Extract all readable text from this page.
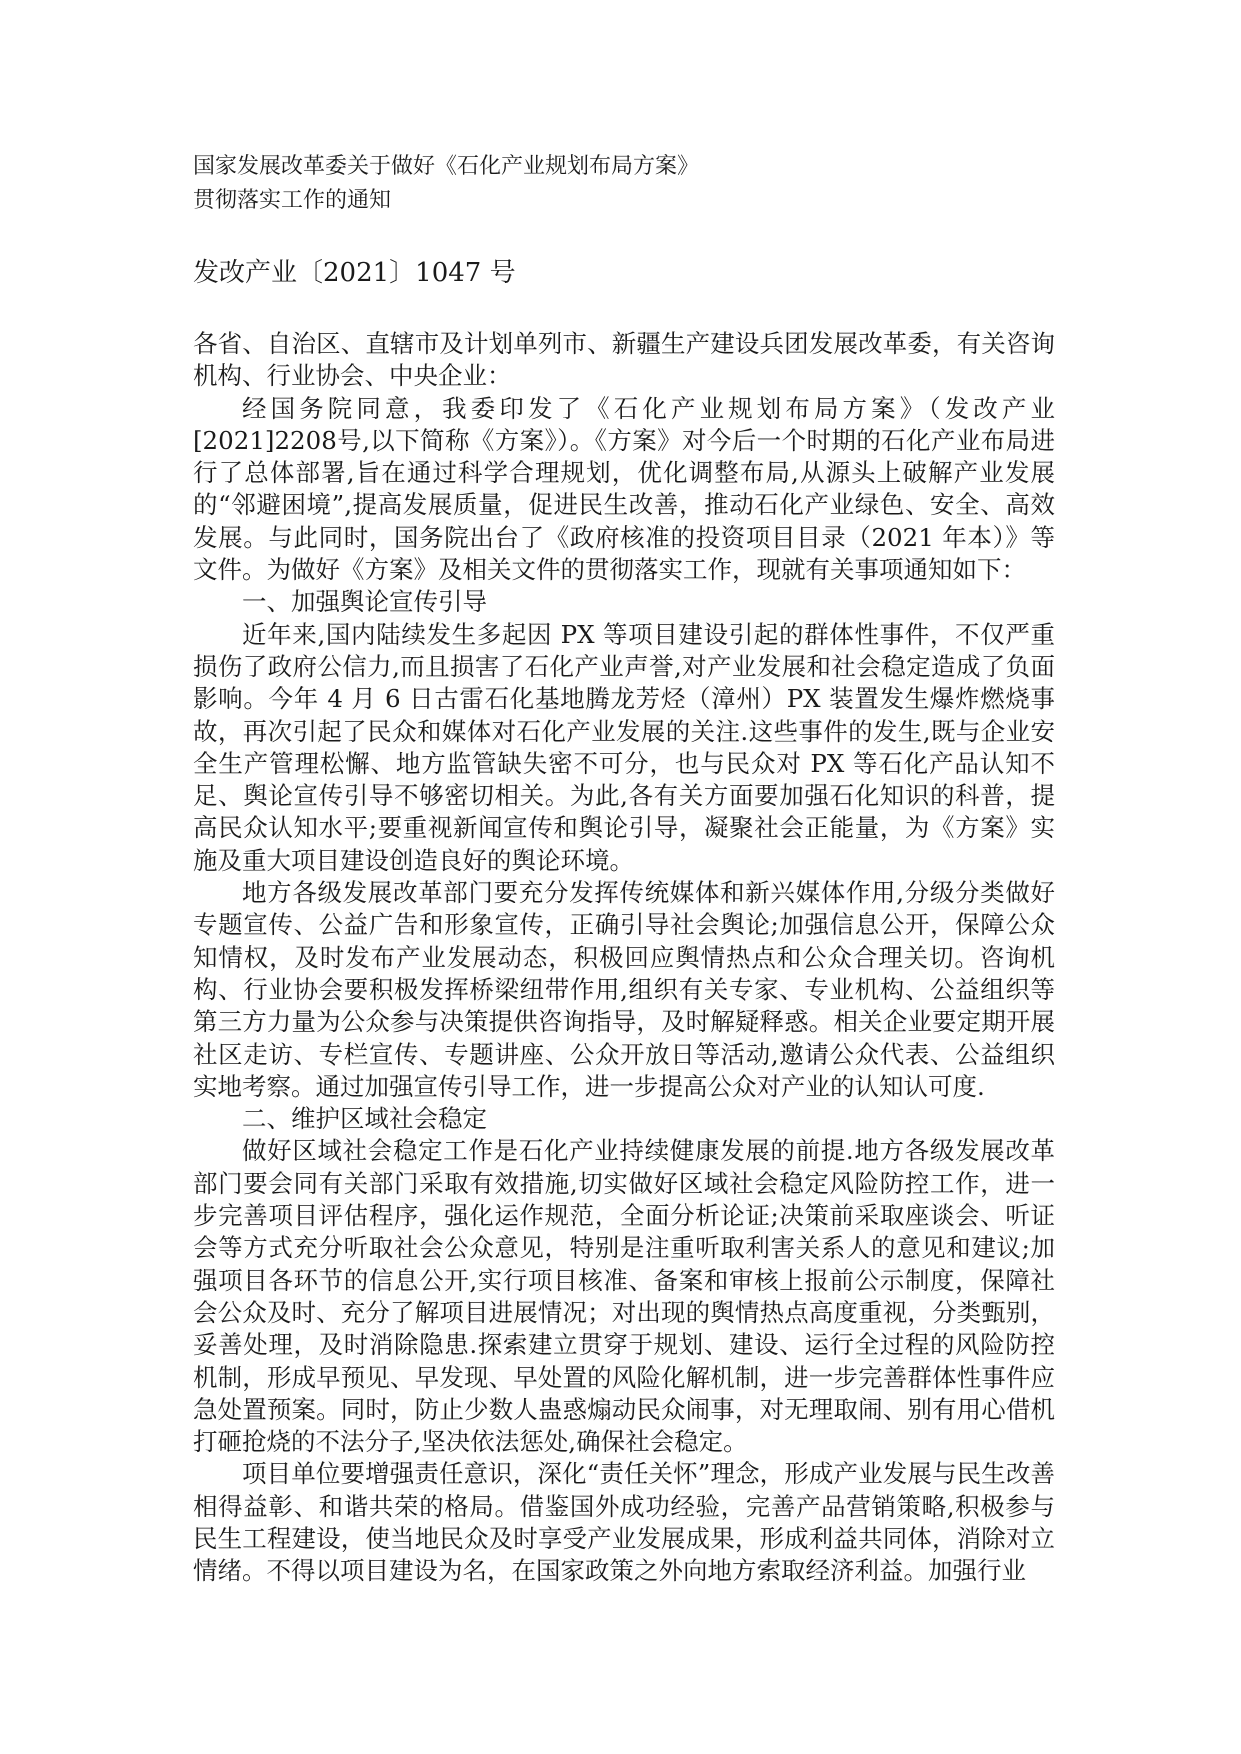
国家发展改革委关于做好《石化产业规划布局方案》

贯彻落实工作的通知

发改产业〔2021〕1047 号

各省、自治区、直辖市及计划单列市、新疆生产建设兵团发展改革委，有关咨询机构、行业协会、中央企业：

经国务院同意，我委印发了《石化产业规划布局方案》（发改产业[2021]2208号,以下简称《方案》）。《方案》对今后一个时期的石化产业布局进行了总体部署,旨在通过科学合理规划，优化调整布局,从源头上破解产业发展的“邻避困境”,提高发展质量，促进民生改善，推动石化产业绿色、安全、高效发展。与此同时，国务院出台了《政府核准的投资项目目录（2021 年本）》等文件。为做好《方案》及相关文件的贯彻落实工作，现就有关事项通知如下：

一、加强舆论宣传引导

近年来,国内陆续发生多起因 PX 等项目建设引起的群体性事件，不仅严重损伤了政府公信力,而且损害了石化产业声誉,对产业发展和社会稳定造成了负面影响。今年 4 月 6 日古雷石化基地腾龙芳烃（漳州）PX 装置发生爆炸燃烧事故，再次引起了民众和媒体对石化产业发展的关注.这些事件的发生,既与企业安全生产管理松懈、地方监管缺失密不可分，也与民众对 PX 等石化产品认知不足、舆论宣传引导不够密切相关。为此,各有关方面要加强石化知识的科普，提高民众认知水平;要重视新闻宣传和舆论引导，凝聚社会正能量，为《方案》实施及重大项目建设创造良好的舆论环境。

地方各级发展改革部门要充分发挥传统媒体和新兴媒体作用,分级分类做好专题宣传、公益广告和形象宣传，正确引导社会舆论;加强信息公开，保障公众知情权，及时发布产业发展动态，积极回应舆情热点和公众合理关切。咨询机构、行业协会要积极发挥桥梁纽带作用,组织有关专家、专业机构、公益组织等第三方力量为公众参与决策提供咨询指导，及时解疑释惑。相关企业要定期开展社区走访、专栏宣传、专题讲座、公众开放日等活动,邀请公众代表、公益组织实地考察。通过加强宣传引导工作，进一步提高公众对产业的认知认可度.

二、维护区域社会稳定

做好区域社会稳定工作是石化产业持续健康发展的前提.地方各级发展改革部门要会同有关部门采取有效措施,切实做好区域社会稳定风险防控工作，进一步完善项目评估程序，强化运作规范，全面分析论证;决策前采取座谈会、听证会等方式充分听取社会公众意见，特别是注重听取利害关系人的意见和建议;加强项目各环节的信息公开,实行项目核准、备案和审核上报前公示制度，保障社会公众及时、充分了解项目进展情况；对出现的舆情热点高度重视，分类甄别，妥善处理，及时消除隐患.探索建立贯穿于规划、建设、运行全过程的风险防控机制，形成早预见、早发现、早处置的风险化解机制，进一步完善群体性事件应急处置预案。同时，防止少数人蛊惑煽动民众闹事，对无理取闹、别有用心借机打砸抢烧的不法分子,坚决依法惩处,确保社会稳定。

项目单位要增强责任意识，深化“责任关怀”理念，形成产业发展与民生改善相得益彰、和谐共荣的格局。借鉴国外成功经验，完善产品营销策略,积极参与民生工程建设，使当地民众及时享受产业发展成果，形成利益共同体，消除对立情绪。不得以项目建设为名，在国家政策之外向地方索取经济利益。加强行业
